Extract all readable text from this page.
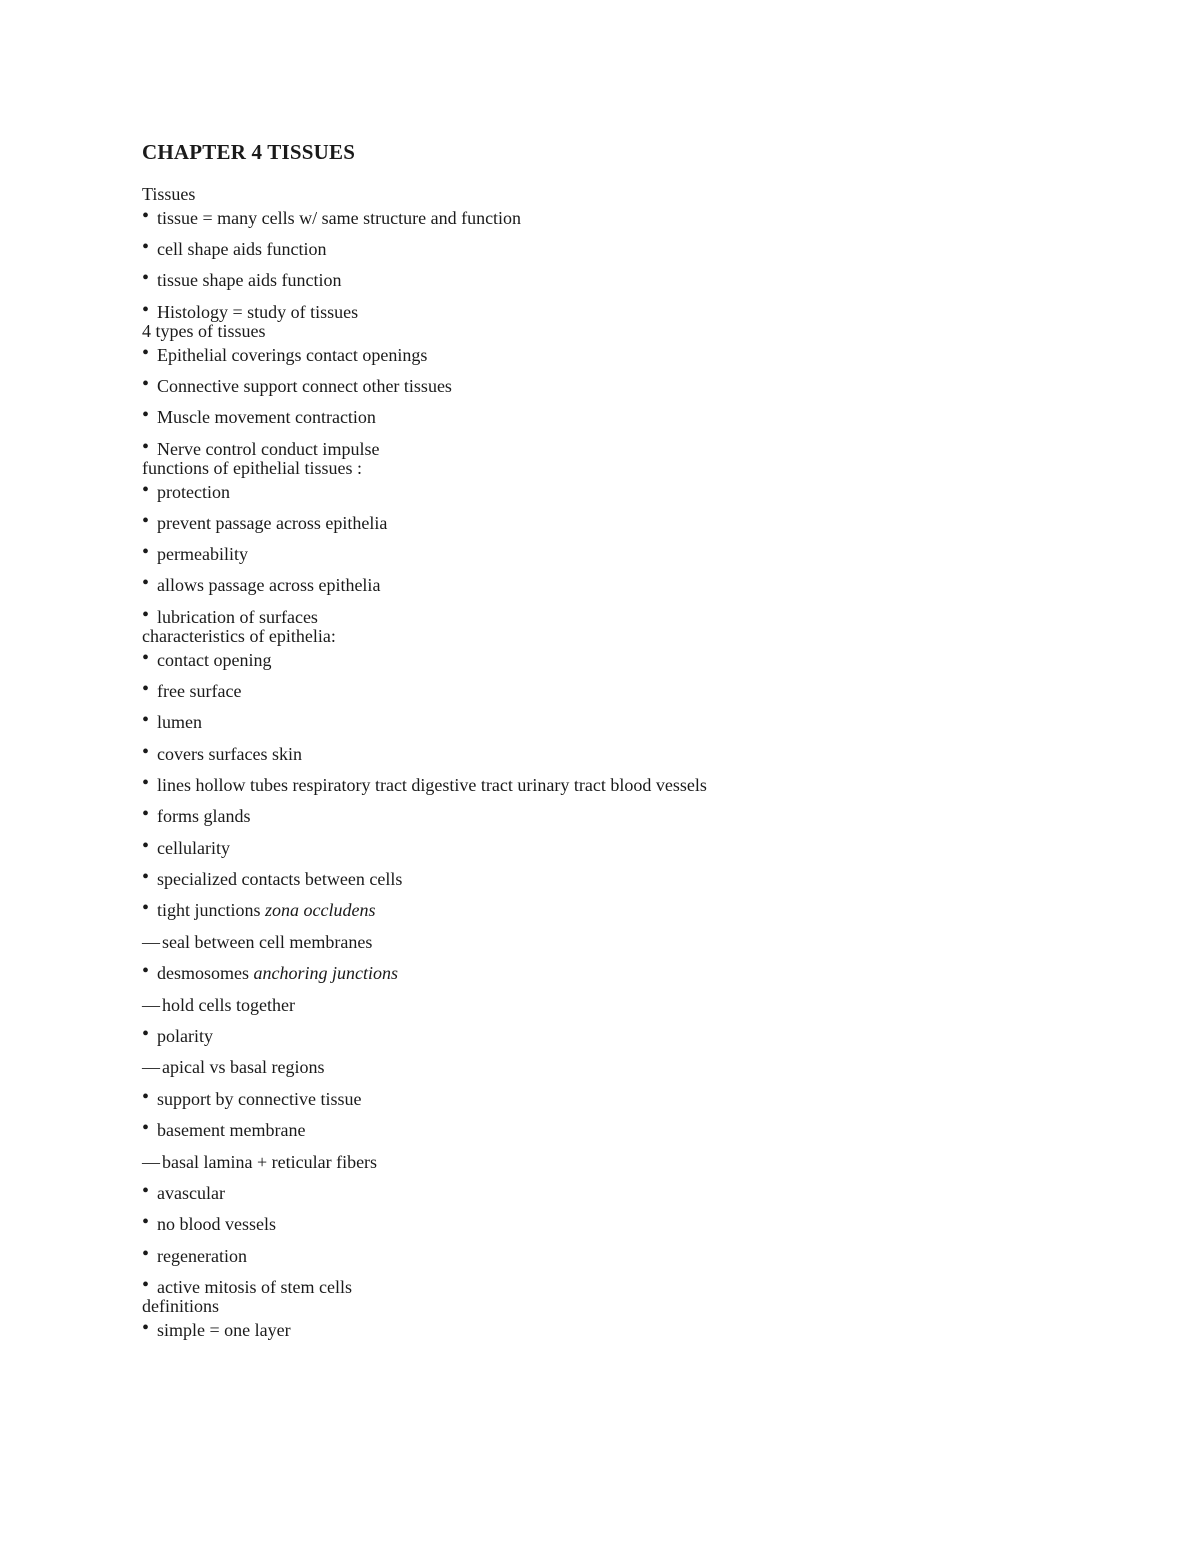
CHAPTER 4 TISSUES
Tissues
• tissue = many cells w/ same structure and function
• cell shape aids function
• tissue shape aids function
• Histology = study of tissues
4 types of tissues
• Epithelial coverings contact openings
• Connective support connect other tissues
• Muscle movement contraction
• Nerve control conduct impulse
functions of epithelial tissues :
• protection
• prevent passage across epithelia
• permeability
• allows passage across epithelia
• lubrication of surfaces
characteristics of epithelia:
• contact opening
• free surface
• lumen
• covers surfaces skin
• lines hollow tubes respiratory tract digestive tract urinary tract blood vessels
• forms glands
• cellularity
• specialized contacts between cells
• tight junctions zona occludens
— seal between cell membranes
• desmosomes anchoring junctions
— hold cells together
• polarity
— apical vs basal regions
• support by connective tissue
• basement membrane
— basal lamina + reticular fibers
• avascular
• no blood vessels
• regeneration
• active mitosis of stem cells
definitions
• simple = one layer
